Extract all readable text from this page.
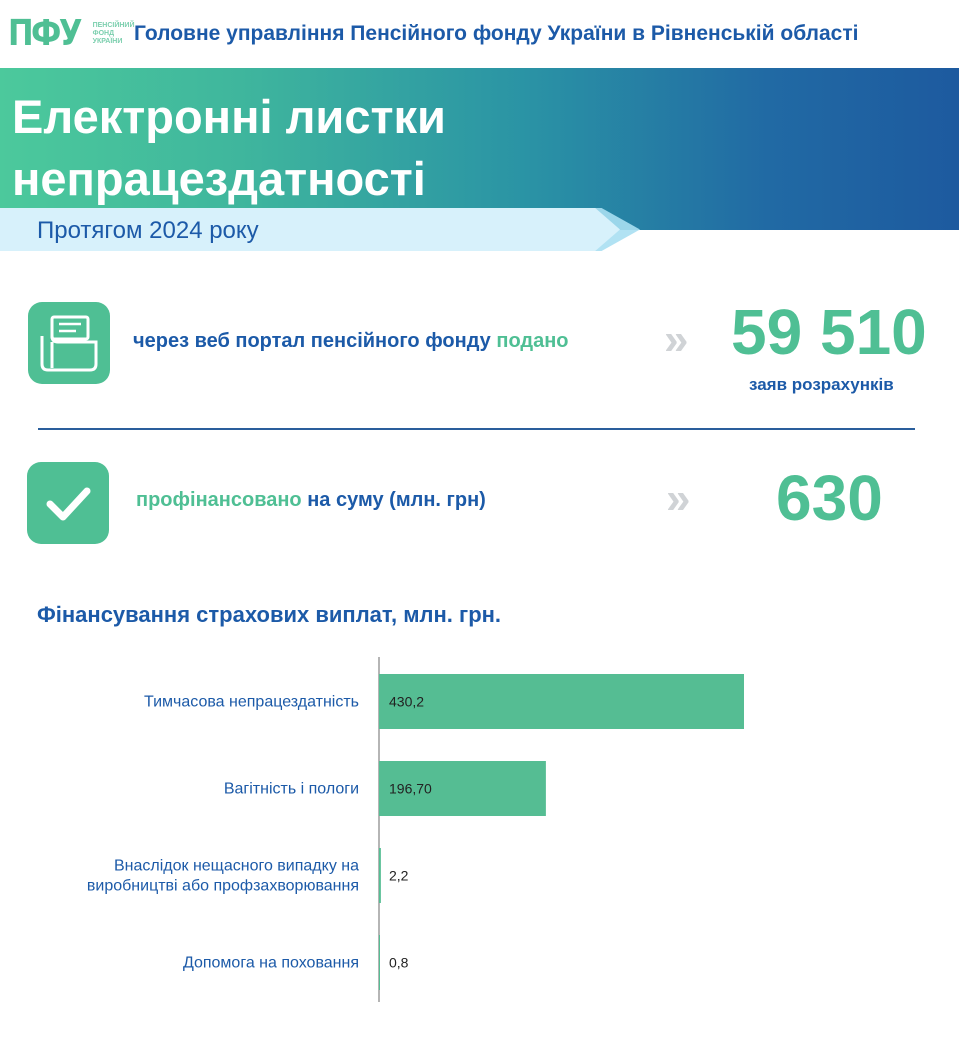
ПФУ ПЕНСІЙНИЙ
ФОНД
УКРАЇНИ Головне управління Пенсійного фонду України в Рівненській області
Електронні листки
непрацездатності
Протягом 2024 року
через веб портал пенсійного фонду подано » 59 510
заяв розрахунків
профінансовано на суму (млн. грн)	» 630
Фінансування страхових виплат, млн. грн.
430,2
Тимчасова непрацездатність
196,70
Вагітність і пологи
2,2
Внаслідок нещасного випадку на виробництві або профзахворювання
0,8
Допомога на поховання
